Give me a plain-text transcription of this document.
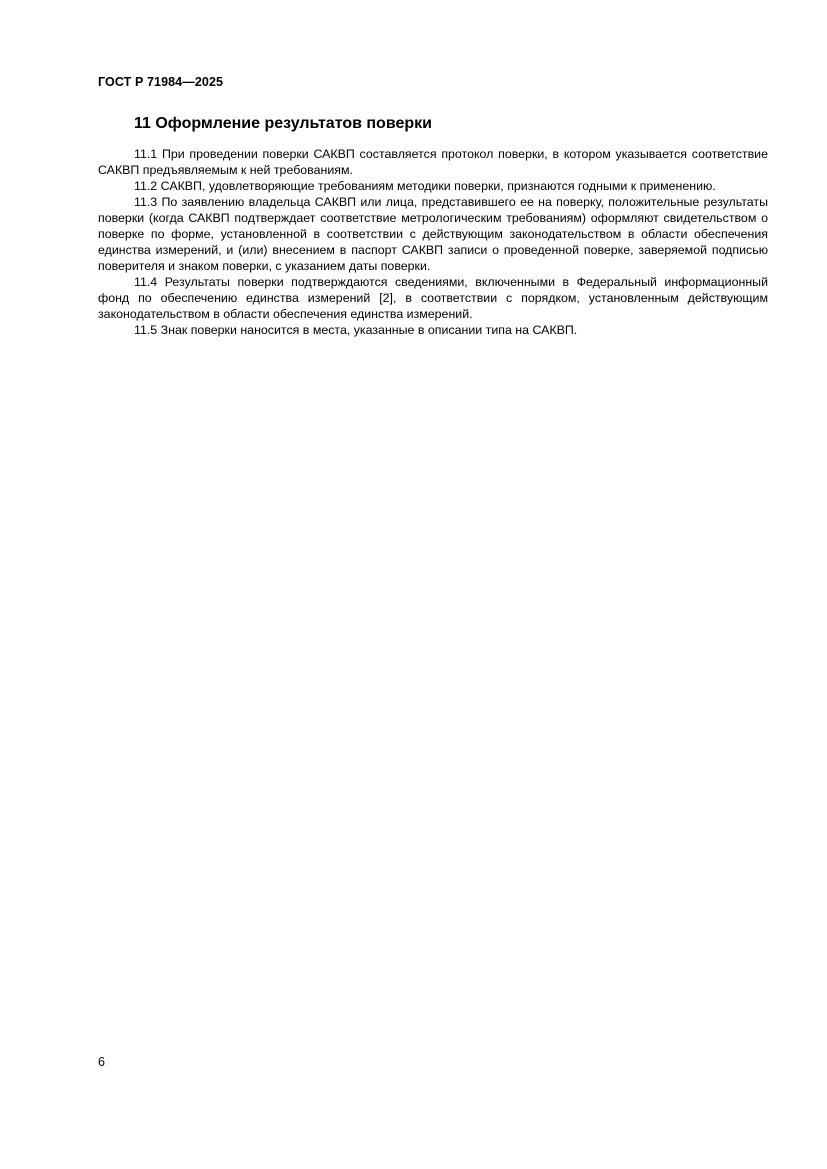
ГОСТ Р 71984—2025
11 Оформление результатов поверки

11.1 При проведении поверки САКВП составляется протокол поверки, в котором указывается соответствие САКВП предъявляемым к ней требованиям.

11.2 САКВП, удовлетворяющие требованиям методики поверки, признаются годными к применению.

11.3 По заявлению владельца САКВП или лица, представившего ее на поверку, положительные результаты поверки (когда САКВП подтверждает соответствие метрологическим требованиям) оформляют свидетельством о поверке по форме, установленной в соответствии с действующим законодательством в области обеспечения единства измерений, и (или) внесением в паспорт САКВП записи о проведенной поверке, заверяемой подписью поверителя и знаком поверки, с указанием даты поверки.

11.4 Результаты поверки подтверждаются сведениями, включенными в Федеральный информационный фонд по обеспечению единства измерений [2], в соответствии с порядком, установленным действующим законодательством в области обеспечения единства измерений.

11.5 Знак поверки наносится в места, указанные в описании типа на САКВП.

6
